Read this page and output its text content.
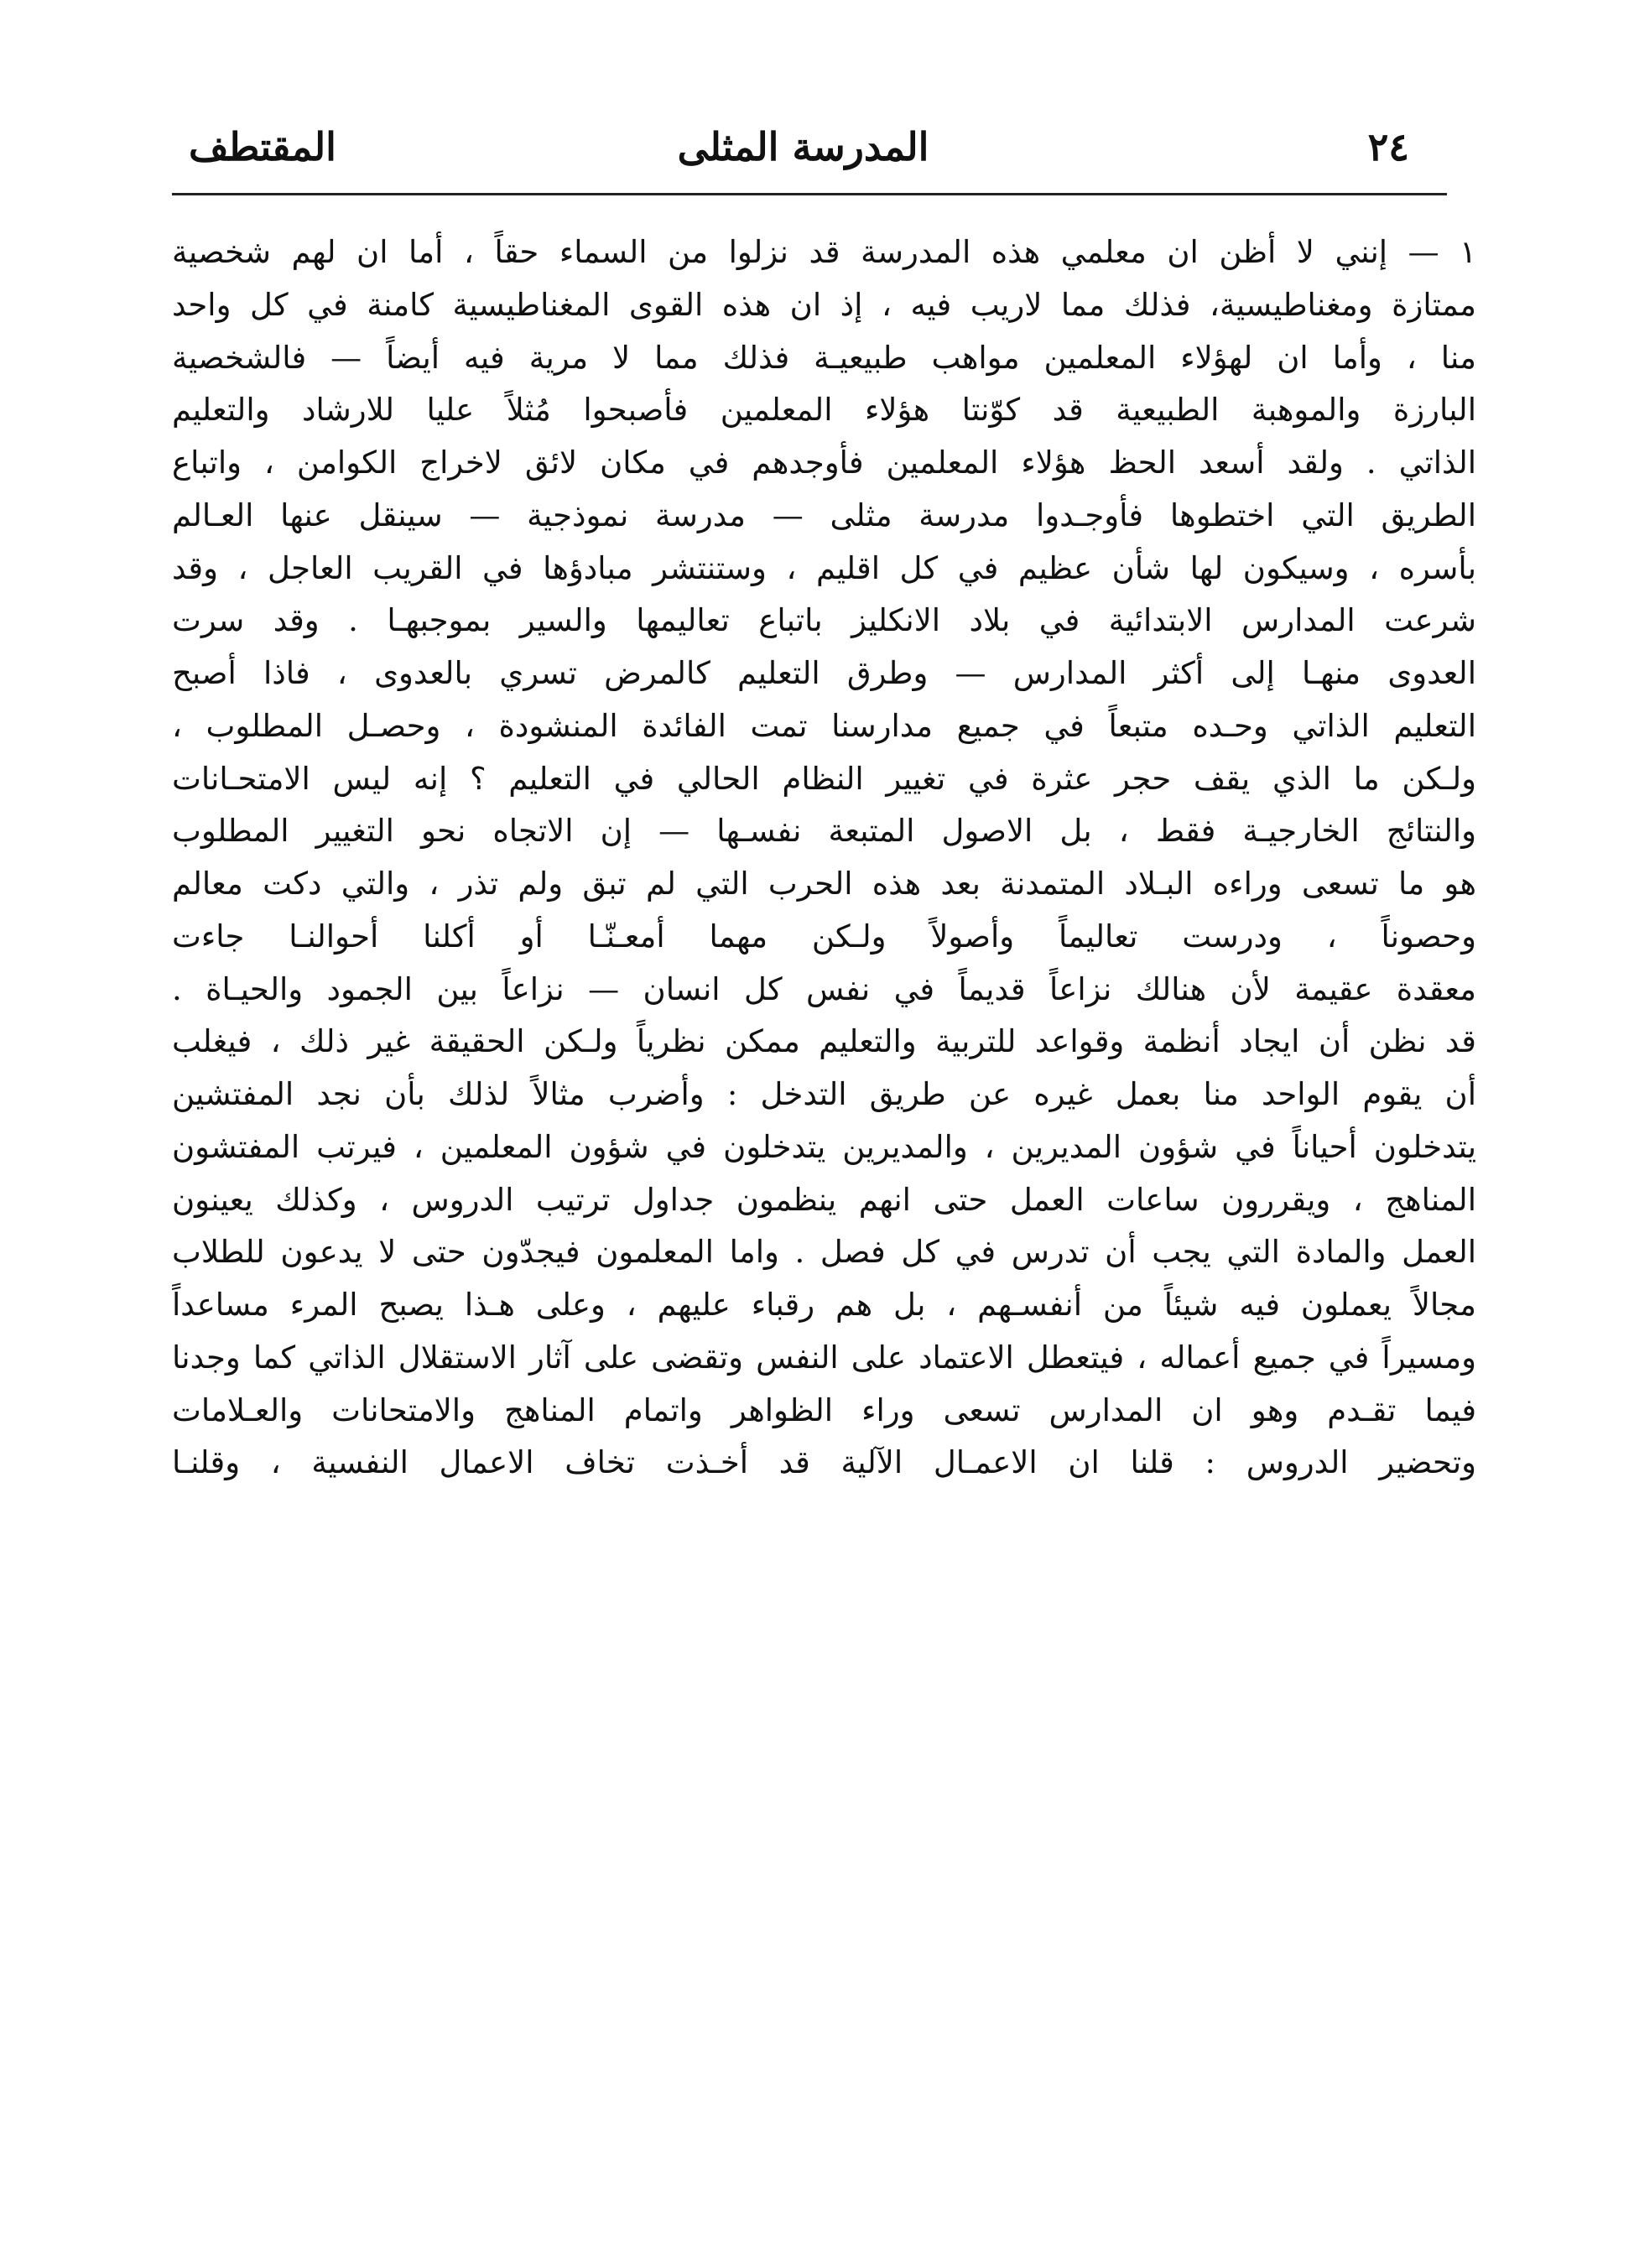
٢٤
المدرسة المثلى
المقتطف
١ — إنني لا أظن ان معلمي هذه المدرسة قد نزلوا من السماء حقاً ، أما ان لهم شخصية
ممتازة ومغناطيسية، فذلك مما لاريب فيه ، إذ ان هذه القوى المغناطيسية كامنة في كل واحد
منا ، وأما ان لهؤلاء المعلمين مواهب طبيعيـة فذلك مما لا مرية فيه أيضاً — فالشخصية
البارزة والموهبة الطبيعية قد كوّنتا هؤلاء المعلمين فأصبحوا مُثلاً عليا للارشاد والتعليم
الذاتي . ولقد أسعد الحظ هؤلاء المعلمين فأوجدهم في مكان لائق لاخراج الكوامن ، واتباع
الطريق التي اختطوها فأوجـدوا مدرسة مثلى — مدرسة نموذجية — سينقل عنها العـالم
بأسره ، وسيكون لها شأن عظيم في كل اقليم ، وستنتشر مبادؤها في القريب العاجل ، وقد
شرعت المدارس الابتدائية في بلاد الانكليز باتباع تعاليمها والسير بموجبهـا . وقد سرت
العدوى منهـا إلى أكثر المدارس — وطرق التعليم كالمرض تسري بالعدوى ، فاذا أصبح
التعليم الذاتي وحـده متبعاً في جميع مدارسنا تمت الفائدة المنشودة ، وحصـل المطلوب ،
ولـكن ما الذي يقف حجر عثرة في تغيير النظام الحالي في التعليم ؟ إنه ليس الامتحـانات
والنتائج الخارجيـة فقط ، بل الاصول المتبعة نفسـها — إن الاتجاه نحو التغيير المطلوب
هو ما تسعى وراءه البـلاد المتمدنة بعد هذه الحرب التي لم تبق ولم تذر ، والتي دكت معالم
وحصوناً ، ودرست تعاليماً وأصولاً ولـكن مهما أمعـنّـا أو أكلنا أحوالنـا جاءت
معقدة عقيمة لأن هنالك نزاعاً قديماً في نفس كل انسان — نزاعاً بين الجمود والحيـاة .
قد نظن أن ايجاد أنظمة وقواعد للتربية والتعليم ممكن نظرياً ولـكن الحقيقة غير ذلك ، فيغلب
أن يقوم الواحد منا بعمل غيره عن طريق التدخل : وأضرب مثالاً لذلك بأن نجد المفتشين
يتدخلون أحياناً في شؤون المديرين ، والمديرين يتدخلون في شؤون المعلمين ، فيرتب المفتشون
المناهج ، ويقررون ساعات العمل حتى انهم ينظمون جداول ترتيب الدروس ، وكذلك يعينون
العمل والمادة التي يجب أن تدرس في كل فصل . واما المعلمون فيجدّون حتى لا يدعون للطلاب
مجالاً يعملون فيه شيئاً من أنفسـهم ، بل هم رقباء عليهم ، وعلى هـذا يصبح المرء مساعداً
ومسيراً في جميع أعماله ، فيتعطل الاعتماد على النفس وتقضى على آثار الاستقلال الذاتي كما وجدنا
فيما تقـدم وهو ان المدارس تسعى وراء الظواهر واتمام المناهج والامتحانات والعـلامات
وتحضير الدروس : قلنا ان الاعمـال الآلية قد أخـذت تخاف الاعمال النفسية ، وقلنـا
